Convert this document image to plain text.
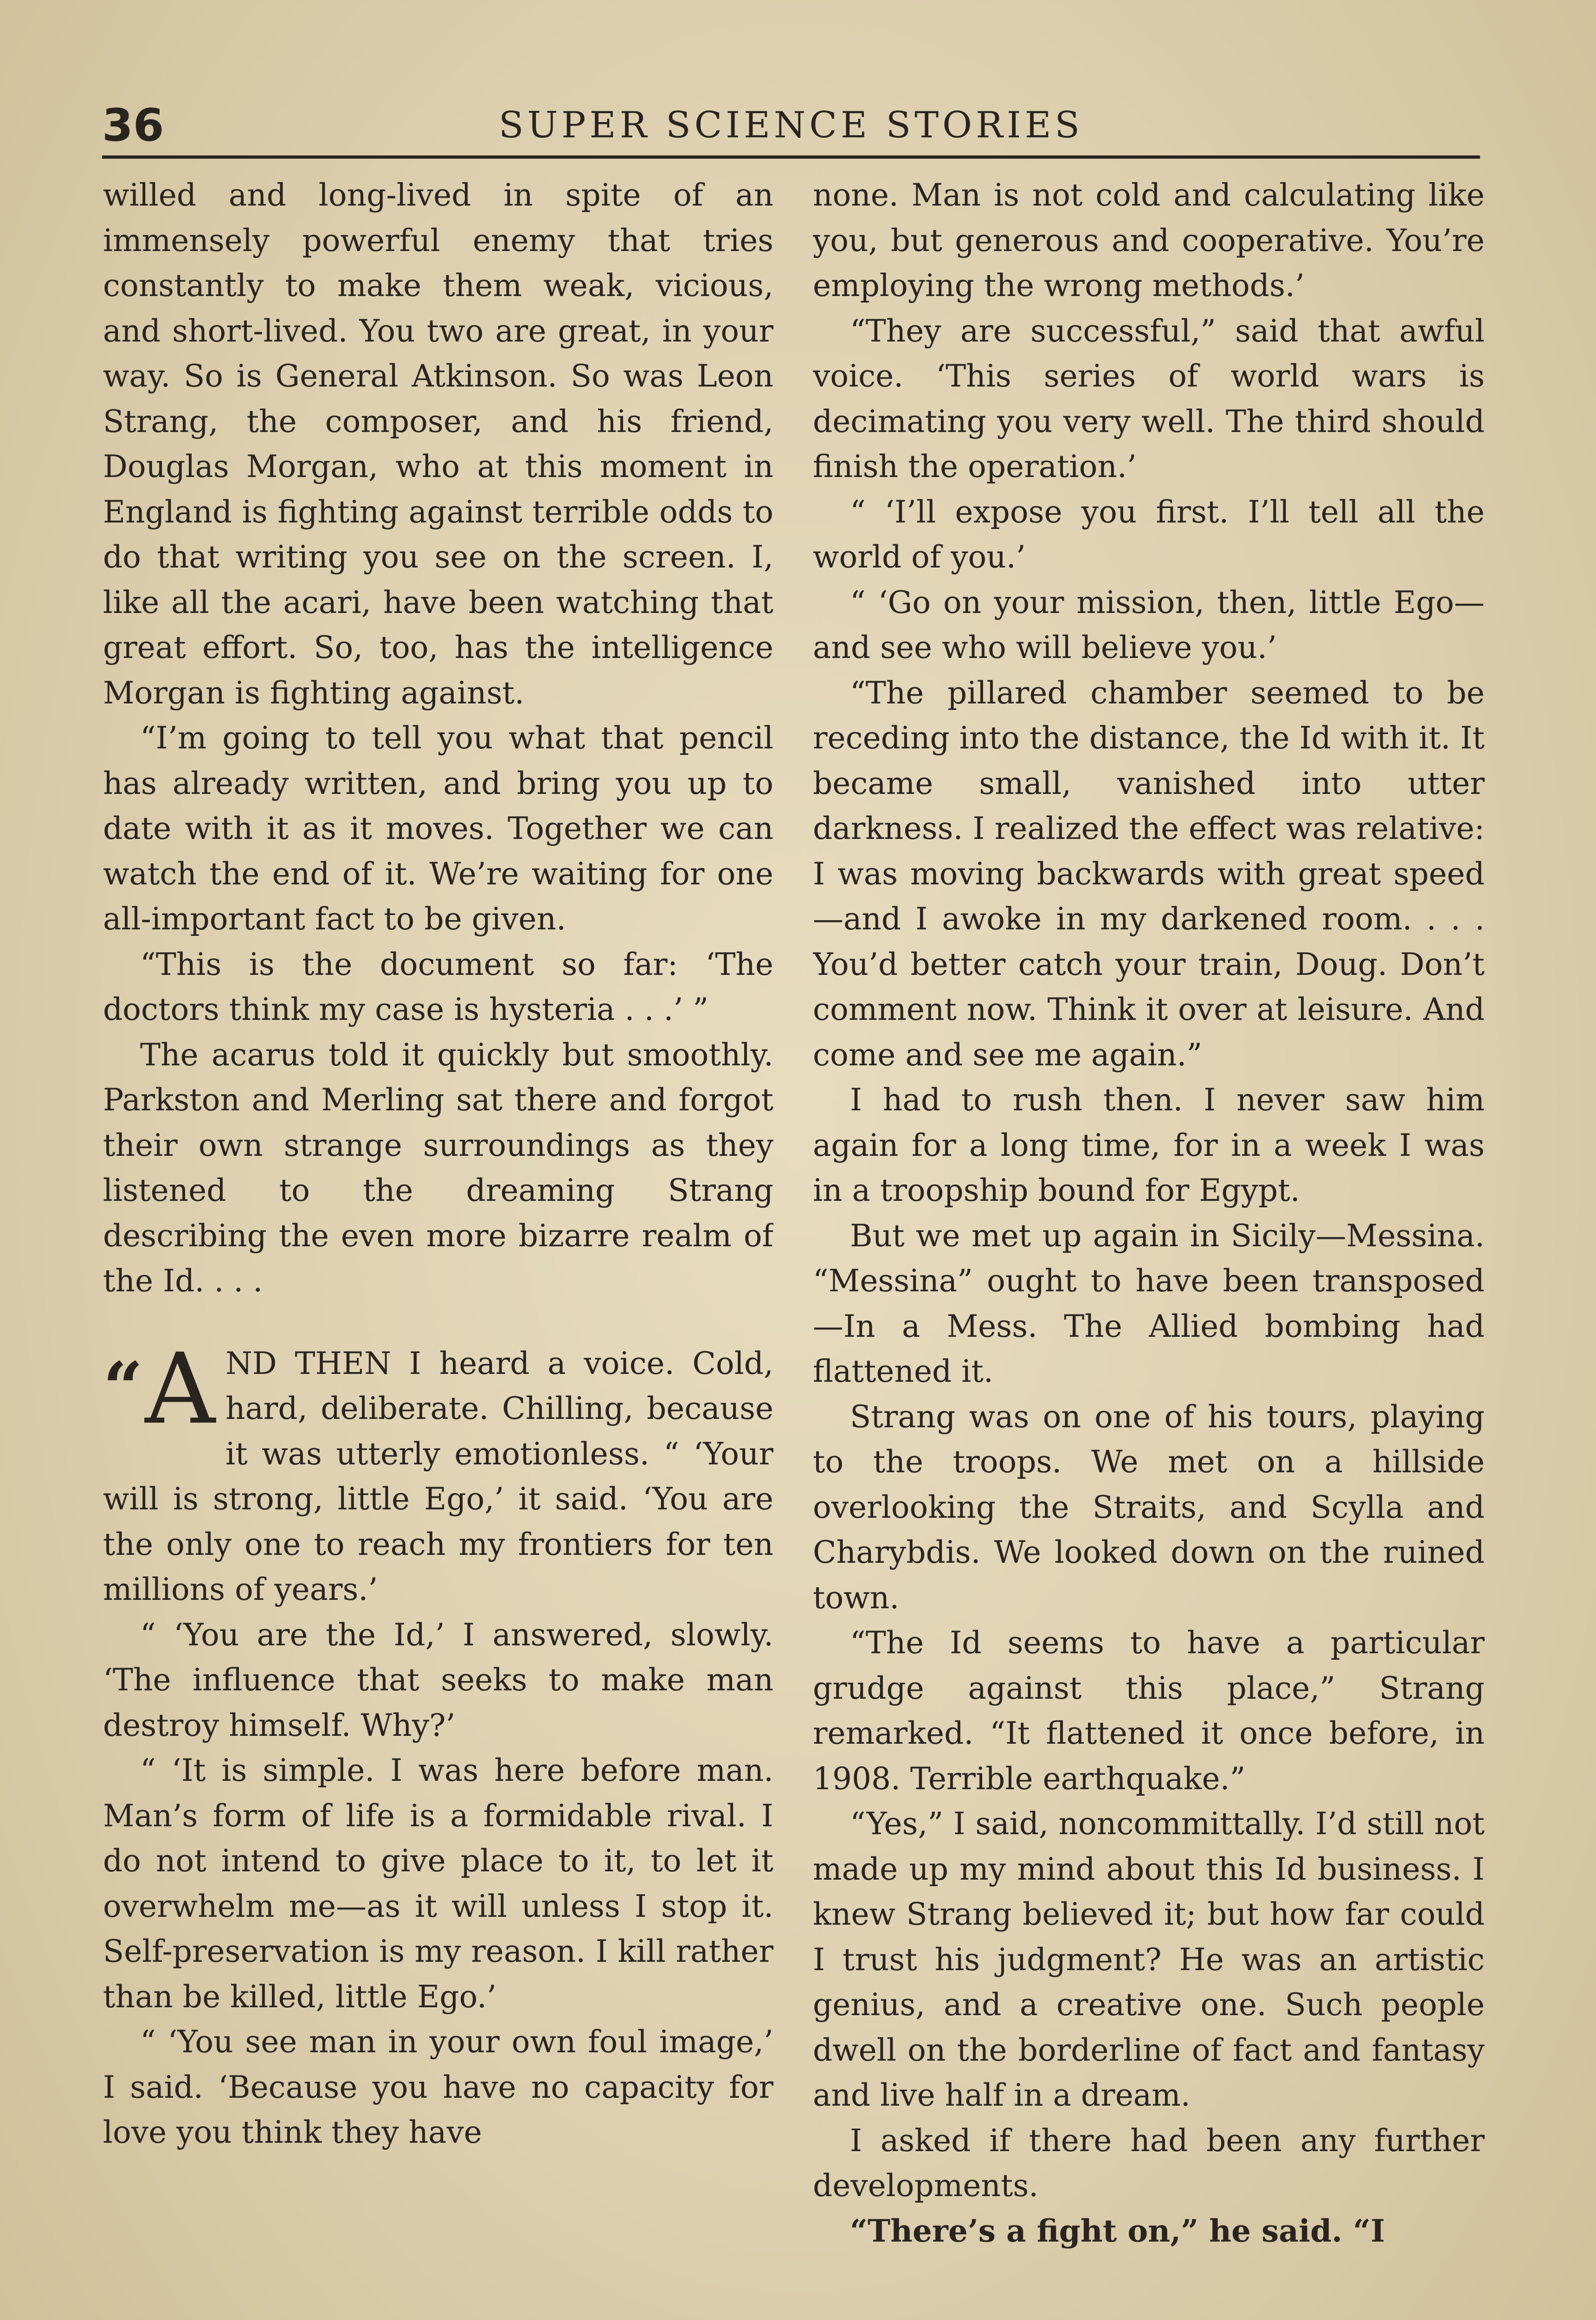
36	SUPER SCIENCE STORIES

willed and long-lived in spite of an immensely powerful enemy that tries constantly to make them weak, vicious, and short-lived. You two are great, in your way. So is General Atkinson. So was Leon Strang, the composer, and his friend, Douglas Morgan, who at this moment in England is fighting against terrible odds to do that writing you see on the screen. I, like all the acari, have been watching that great effort. So, too, has the intelligence Morgan is fighting against.

“I’m going to tell you what that pencil has already written, and bring you up to date with it as it moves. Together we can watch the end of it. We’re waiting for one all-important fact to be given.

“This is the document so far: ‘The doctors think my case is hysteria . . .’ ”

The acarus told it quickly but smoothly. Parkston and Merling sat there and forgot their own strange surroundings as they listened to the dreaming Strang describing the even more bizarre realm of the Id. . . .

“ A ND THEN I heard a voice. Cold, hard, deliberate. Chilling, because it was utterly emotionless. “ ‘Your will is strong, little Ego,’ it said. ‘You are the only one to reach my frontiers for ten millions of years.’

“ ‘You are the Id,’ I answered, slowly. ‘The influence that seeks to make man destroy himself. Why?’

“ ‘It is simple. I was here before man. Man’s form of life is a formidable rival. I do not intend to give place to it, to let it overwhelm me—as it will unless I stop it. Self-preservation is my reason. I kill rather than be killed, little Ego.’

“ ‘You see man in your own foul image,’ I said. ‘Because you have no capacity for love you think they have

none. Man is not cold and calculating like you, but generous and cooperative. You’re employing the wrong methods.’

“They are successful,” said that awful voice. ‘This series of world wars is decimating you very well. The third should finish the operation.’

“ ‘I’ll expose you first. I’ll tell all the world of you.’

“ ‘Go on your mission, then, little Ego—and see who will believe you.’

“The pillared chamber seemed to be receding into the distance, the Id with it. It became small, vanished into utter darkness. I realized the effect was relative: I was moving backwards with great speed—and I awoke in my darkened room. . . . You’d better catch your train, Doug. Don’t comment now. Think it over at leisure. And come and see me again.”

I had to rush then. I never saw him again for a long time, for in a week I was in a troopship bound for Egypt.

But we met up again in Sicily—Messina. “Messina” ought to have been transposed—In a Mess. The Allied bombing had flattened it.

Strang was on one of his tours, playing to the troops. We met on a hillside overlooking the Straits, and Scylla and Charybdis. We looked down on the ruined town.

“The Id seems to have a particular grudge against this place,” Strang remarked. “It flattened it once before, in 1908. Terrible earthquake.”

“Yes,” I said, noncommittally. I’d still not made up my mind about this Id business. I knew Strang believed it; but how far could I trust his judgment? He was an artistic genius, and a creative one. Such people dwell on the borderline of fact and fantasy and live half in a dream.

I asked if there had been any further developments.

“There’s a fight on,” he said. “I
